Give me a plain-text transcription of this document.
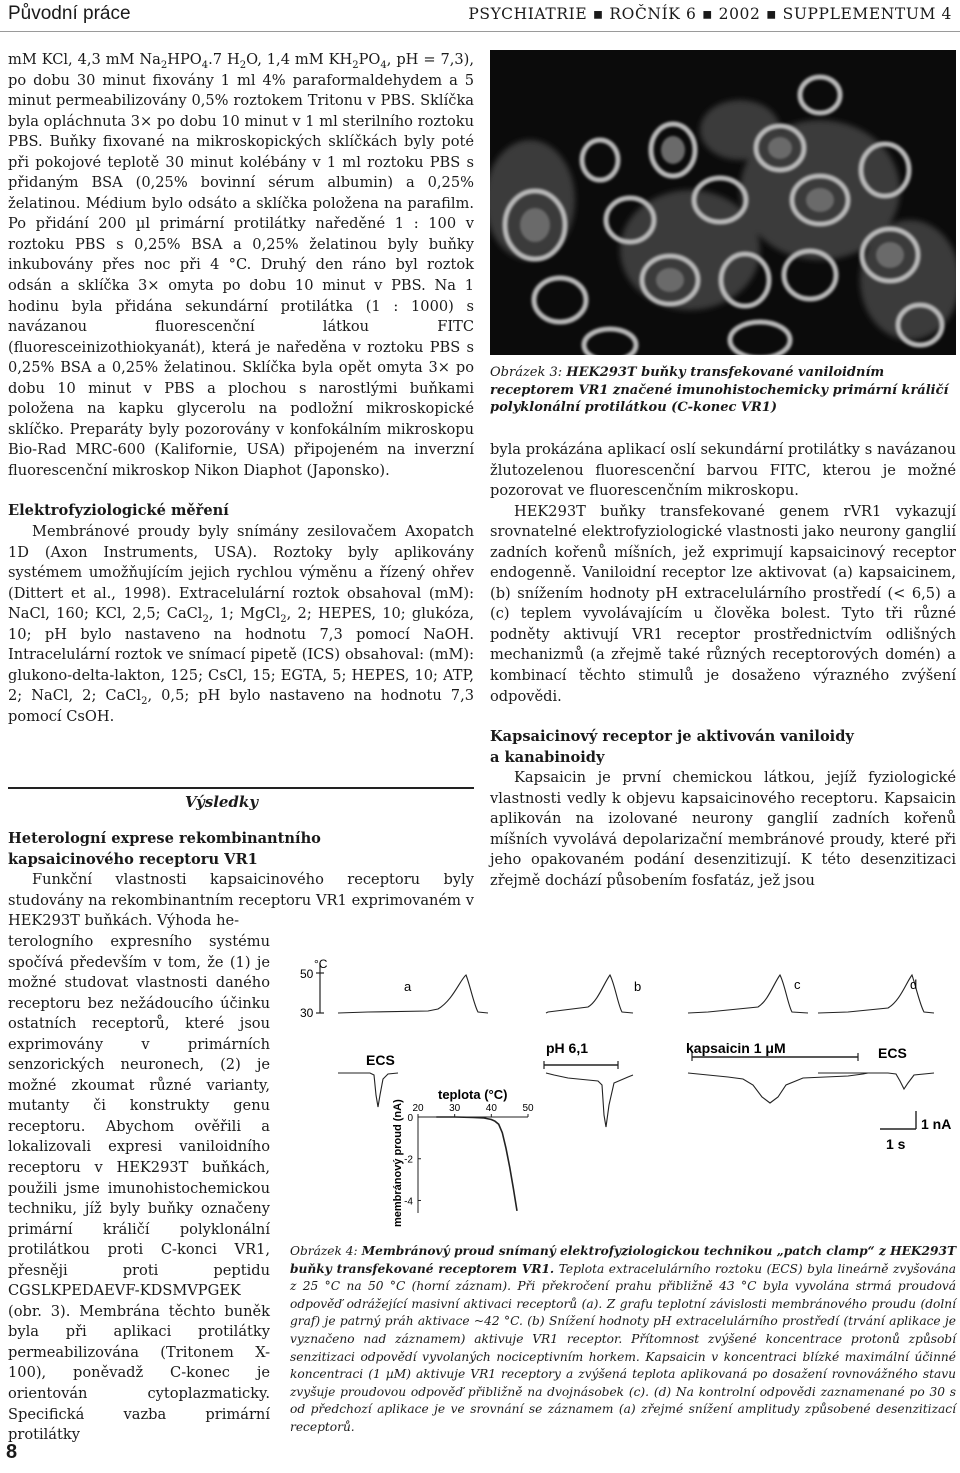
Původní práce	PSYCHIATRIE ▪ ROČNÍK 6 ▪ 2002 ▪ SUPPLEMENTUM 4

mM KCl, 4,3 mM $Na_2HPO_4.7$ $H_2O$, 1,4 mM $KH_2PO_4$, pH = 7,3), po dobu 30 minut fixovány 1 ml 4% paraformaldehydem a 5 minut permeabilizovány 0,5% roztokem Tritonu v PBS. Sklíčka byla opláchnuta 3× po dobu 10 minut v 1 ml sterilního roztoku PBS. Buňky fixované na mikroskopických sklíčkách byly poté při pokojové teplotě 30 minut kolébány v 1 ml roztoku PBS s přidaným BSA (0,25% bovinní sérum albumin) a 0,25% želatinou. Médium bylo odsáto a sklíčka položena na parafilm. Po přidání 200 µl primární protilátky naředěné 1 : 100 v roztoku PBS s 0,25% BSA a 0,25% želatinou byly buňky inkubovány přes noc při 4 °C. Druhý den ráno byl roztok odsán a sklíčka 3× omyta po dobu 10 minut v PBS. Na 1 hodinu byla přidána sekundární protilátka (1 : 1000) s navázanou fluorescenční látkou FITC (fluoresceinizothiokyanát), která je naředěna v roztoku PBS s 0,25% BSA a 0,25% želatinou. Sklíčka byla opět omyta 3× po dobu 10 minut v PBS a plochou s narostlými buňkami položena na kapku glycerolu na podložní mikroskopické sklíčko. Preparáty byly pozorovány v konfokálním mikroskopu Bio-Rad MRC-600 (Kalifornie, USA) připojeném na inverzní fluorescenční mikroskop Nikon Diaphot (Japonsko).

Elektrofyziologické měření

Membránové proudy byly snímány zesilovačem Axopatch 1D (Axon Instruments, USA). Roztoky byly aplikovány systémem umožňujícím jejich rychlou výměnu a řízený ohřev (Dittert et al., 1998). Extracelulární roztok obsahoval (mM): NaCl, 160; KCl, 2,5; CaCl$_2$, 1; MgCl$_2$, 2; HEPES, 10; glukóza, 10; pH bylo nastaveno na hodnotu 7,3 pomocí NaOH. Intracelulární roztok ve snímací pipetě (ICS) obsahoval: (mM): glukono-delta-lakton, 125; CsCl, 15; EGTA, 5; HEPES, 10; ATP, 2; NaCl, 2; CaCl$_2$, 0,5; pH bylo nastaveno na hodnotu 7,3 pomocí CsOH.

Výsledky
Heterologní exprese rekombinantního
kapsaicinového receptoru VR1

Funkční vlastnosti kapsaicinového receptoru byly studovány na rekombinantním receptoru VR1 exprimovaném v HEK293T buňkách. Výhoda he-

terologního expresního systému spočívá především v tom, že (1) je možné studovat vlastnosti daného receptoru bez nežádoucího účinku ostatních receptorů, které jsou exprimovány v primárních senzorických neuronech, (2) je možné zkoumat různé varianty, mutanty či konstrukty genu receptoru. Abychom ověřili a lokalizovali expresi vaniloidního receptoru v HEK293T buňkách, použili jsme imunohistochemickou techniku, jíž byly buňky označeny primární králičí polyklonální protilátkou proti C-konci VR1, přesněji proti peptidu CGSLKPEDAEVF-KDSMVPGEK (obr. 3). Membrána těchto buněk byla při aplikaci protilátky permeabilizována (Tritonem X-100), poněvadž C-konec je orientován cytoplazmaticky. Specifická vazba primární protilátky

Obrázek 3: HEK293T buňky transfekované vaniloidním receptorem VR1 značené imunohistochemicky primární králičí polyklonální protilátkou (C-konec VR1)

byla prokázána aplikací oslí sekundární protilátky s navázanou žlutozelenou fluorescenční barvou FITC, kterou je možné pozorovat ve fluorescenčním mikroskopu.

HEK293T buňky transfekované genem rVR1 vykazují srovnatelné elektrofyziologické vlastnosti jako neurony ganglií zadních kořenů míšních, jež exprimují kapsaicinový receptor endogenně. Vaniloidní receptor lze aktivovat (a) kapsaicinem, (b) snížením hodnoty pH extracelulárního prostředí (< 6,5) a (c) teplem vyvolávajícím u člověka bolest. Tyto tři různé podněty aktivují VR1 receptor prostřednictvím odlišných mechanizmů (a zřejmě také různých receptorových domén) a kombinací těchto stimulů je dosaženo výrazného zvýšení odpovědi.

Kapsaicinový receptor je aktivován vaniloidy
a kanabinoidy

Kapsaicin je první chemickou látkou, jejíž fyziologické vlastnosti vedly k objevu kapsaicinového receptoru. Kapsaicin aplikován na izolované neurony ganglií zadních kořenů míšních vyvolává depolarizační membránové proudy, které při jeho opakovaném podání desenzitizují. K této desenzitizaci zřejmě dochází působením fosfatáz, jež jsou

50
°C
30
a	b	c	d
ECS
pH 6,1	kapsaicin 1 μM	ECS
1 nA
1 s
teplota (°C)
membránový proud (nA) 20	30	40	50
0
-2
-4
Obrázek 4: Membránový proud snímaný elektrofyziologickou technikou „patch clamp“ z HEK293T buňky transfekované receptorem VR1. Teplota extracelulárního roztoku (ECS) byla lineárně zvyšována z 25 °C na 50 °C (horní záznam). Při překročení prahu přibližně 43 °C byla vyvolána strmá proudová odpověď odrážející masivní aktivaci receptorů (a). Z grafu teplotní závislosti membránového proudu (dolní graf) je patrný práh aktivace ~42 °C. (b) Snížení hodnoty pH extracelulárního prostředí (trvání aplikace je vyznačeno nad záznamem) aktivuje VR1 receptor. Přítomnost zvýšené koncentrace protonů způsobí senzitizaci odpovědí vyvolaných nociceptivním horkem. Kapsaicin v koncentraci blízké maximální účinné koncentraci (1 µM) aktivuje VR1 receptory a zvýšená teplota aplikovaná po dosažení rovnovážného stavu zvyšuje proudovou odpověď přibližně na dvojnásobek (c). (d) Na kontrolní odpovědi zaznamenané po 30 s od předchozí aplikace je ve srovnání se záznamem (a) zřejmé snížení amplitudy způsobené desenzitizací receptorů.
8
